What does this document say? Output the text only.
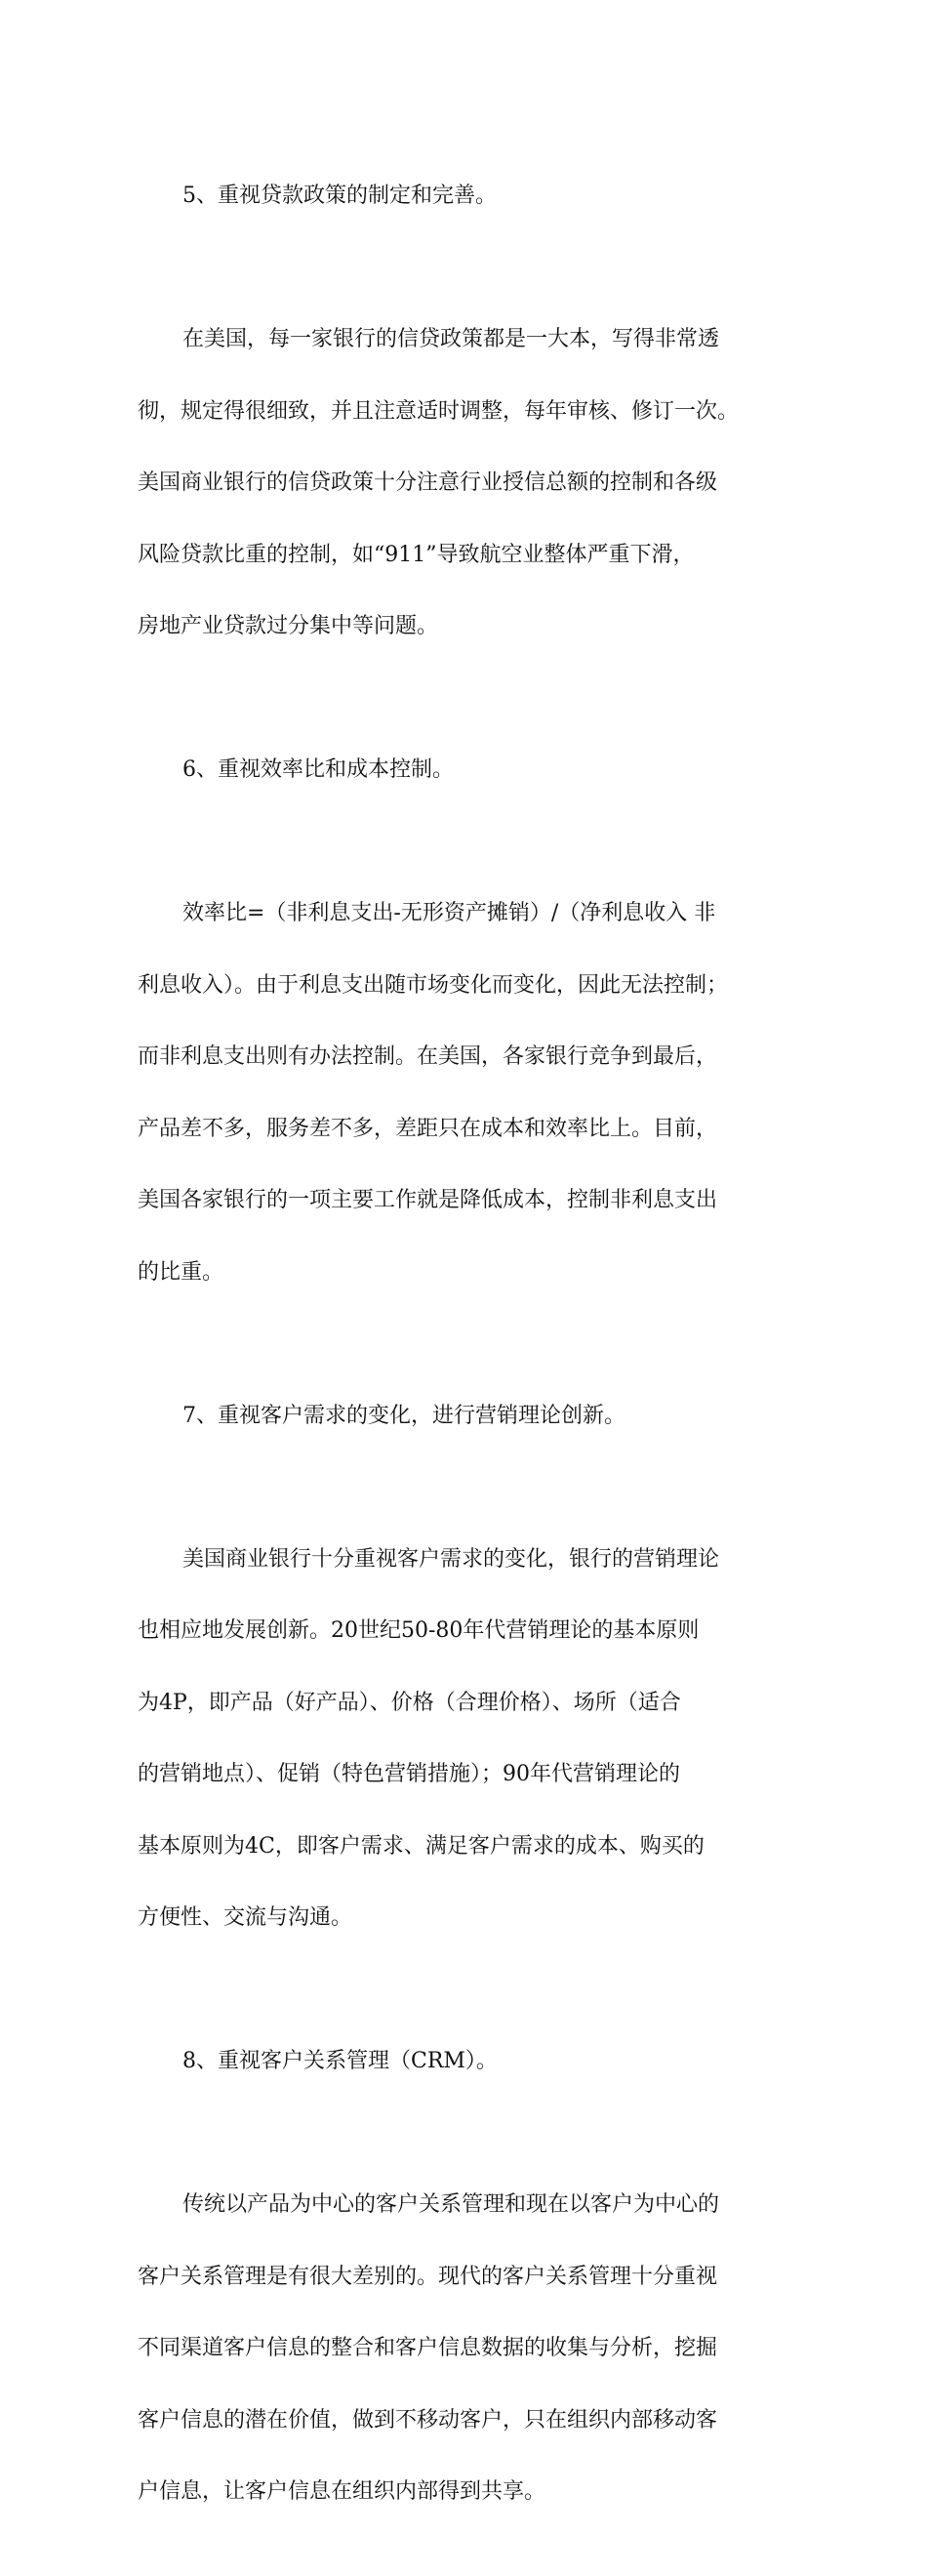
5、重视贷款政策的制定和完善。

在美国，每一家银行的信贷政策都是一大本，写得非常透

彻，规定得很细致，并且注意适时调整，每年审核、修订一次。

美国商业银行的信贷政策十分注意行业授信总额的控制和各级

风险贷款比重的控制，如“911”导致航空业整体严重下滑，

房地产业贷款过分集中等问题。

6、重视效率比和成本控制。

效率比=（非利息支出-无形资产摊销）/（净利息收入 非

利息收入）。由于利息支出随市场变化而变化，因此无法控制；

而非利息支出则有办法控制。在美国，各家银行竞争到最后，

产品差不多，服务差不多，差距只在成本和效率比上。目前，

美国各家银行的一项主要工作就是降低成本，控制非利息支出

的比重。

7、重视客户需求的变化，进行营销理论创新。

美国商业银行十分重视客户需求的变化，银行的营销理论

也相应地发展创新。20世纪50-80年代营销理论的基本原则

为4P，即产品（好产品）、价格（合理价格）、场所（适合

的营销地点）、促销（特色营销措施）；90年代营销理论的

基本原则为4C，即客户需求、满足客户需求的成本、购买的

方便性、交流与沟通。

8、重视客户关系管理（CRM）。

传统以产品为中心的客户关系管理和现在以客户为中心的

客户关系管理是有很大差别的。现代的客户关系管理十分重视

不同渠道客户信息的整合和客户信息数据的收集与分析，挖掘

客户信息的潜在价值，做到不移动客户，只在组织内部移动客

户信息，让客户信息在组织内部得到共享。
